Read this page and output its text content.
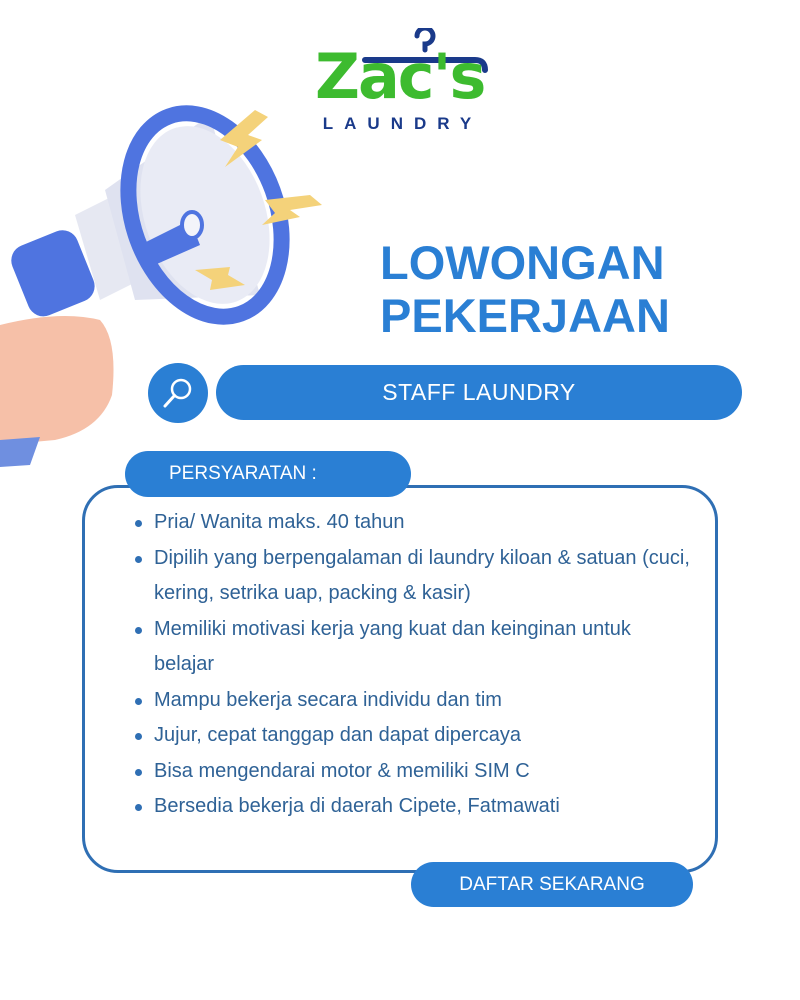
Zac's
LAUNDRY
LOWONGAN
PEKERJAAN
STAFF LAUNDRY
PERSYARATAN :
Pria/ Wanita maks. 40 tahun
Dipilih yang berpengalaman di laundry kiloan & satuan (cuci, kering, setrika uap, packing & kasir)
Memiliki motivasi kerja yang kuat dan keinginan untuk belajar
Mampu bekerja secara individu dan tim
Jujur, cepat tanggap dan dapat dipercaya
Bisa mengendarai motor & memiliki SIM C
Bersedia bekerja di daerah Cipete, Fatmawati
DAFTAR SEKARANG
